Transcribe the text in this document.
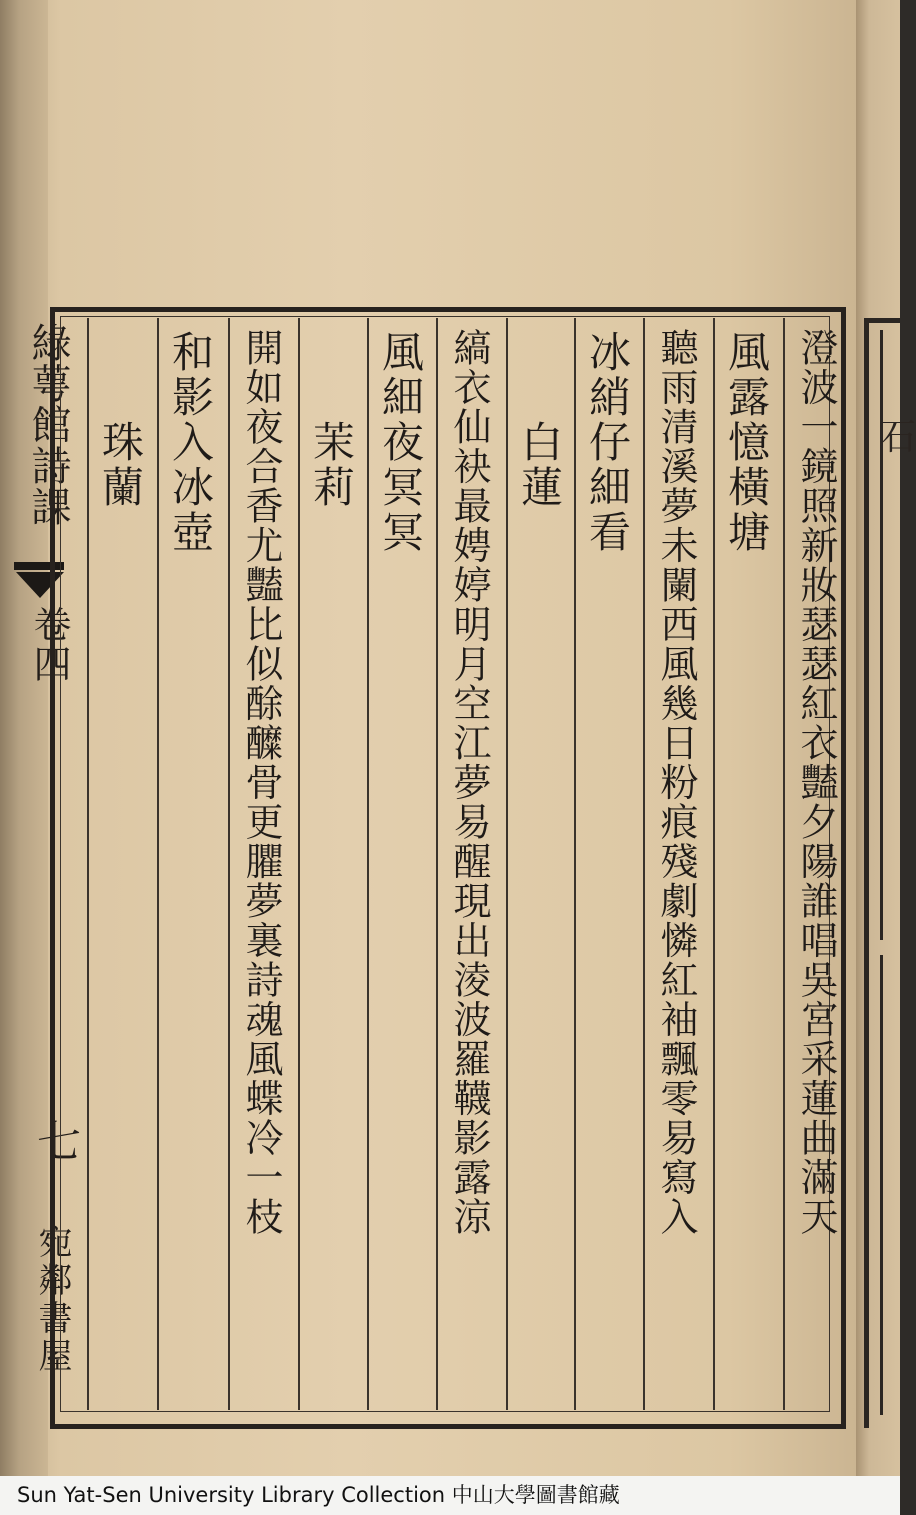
石
綠萼館詩課
卷四
七
宛鄰書屋
澄波一鏡照新妝瑟瑟紅衣豔夕陽誰唱吳宮采蓮曲滿天
風露憶橫塘
聽雨清溪夢未闌西風幾日粉痕殘劇憐紅袖飄零易寫入
冰綃仔細看
白蓮
縞衣仙袂最娉婷明月空江夢易醒現出淩波羅韈影露涼
風細夜冥冥
茉莉
開如夜合香尤豔比似酴醾骨更臞夢裏詩魂風蝶冷一枝
和影入冰壺
珠蘭
Sun Yat-Sen University Library Collection 中山大學圖書館藏
